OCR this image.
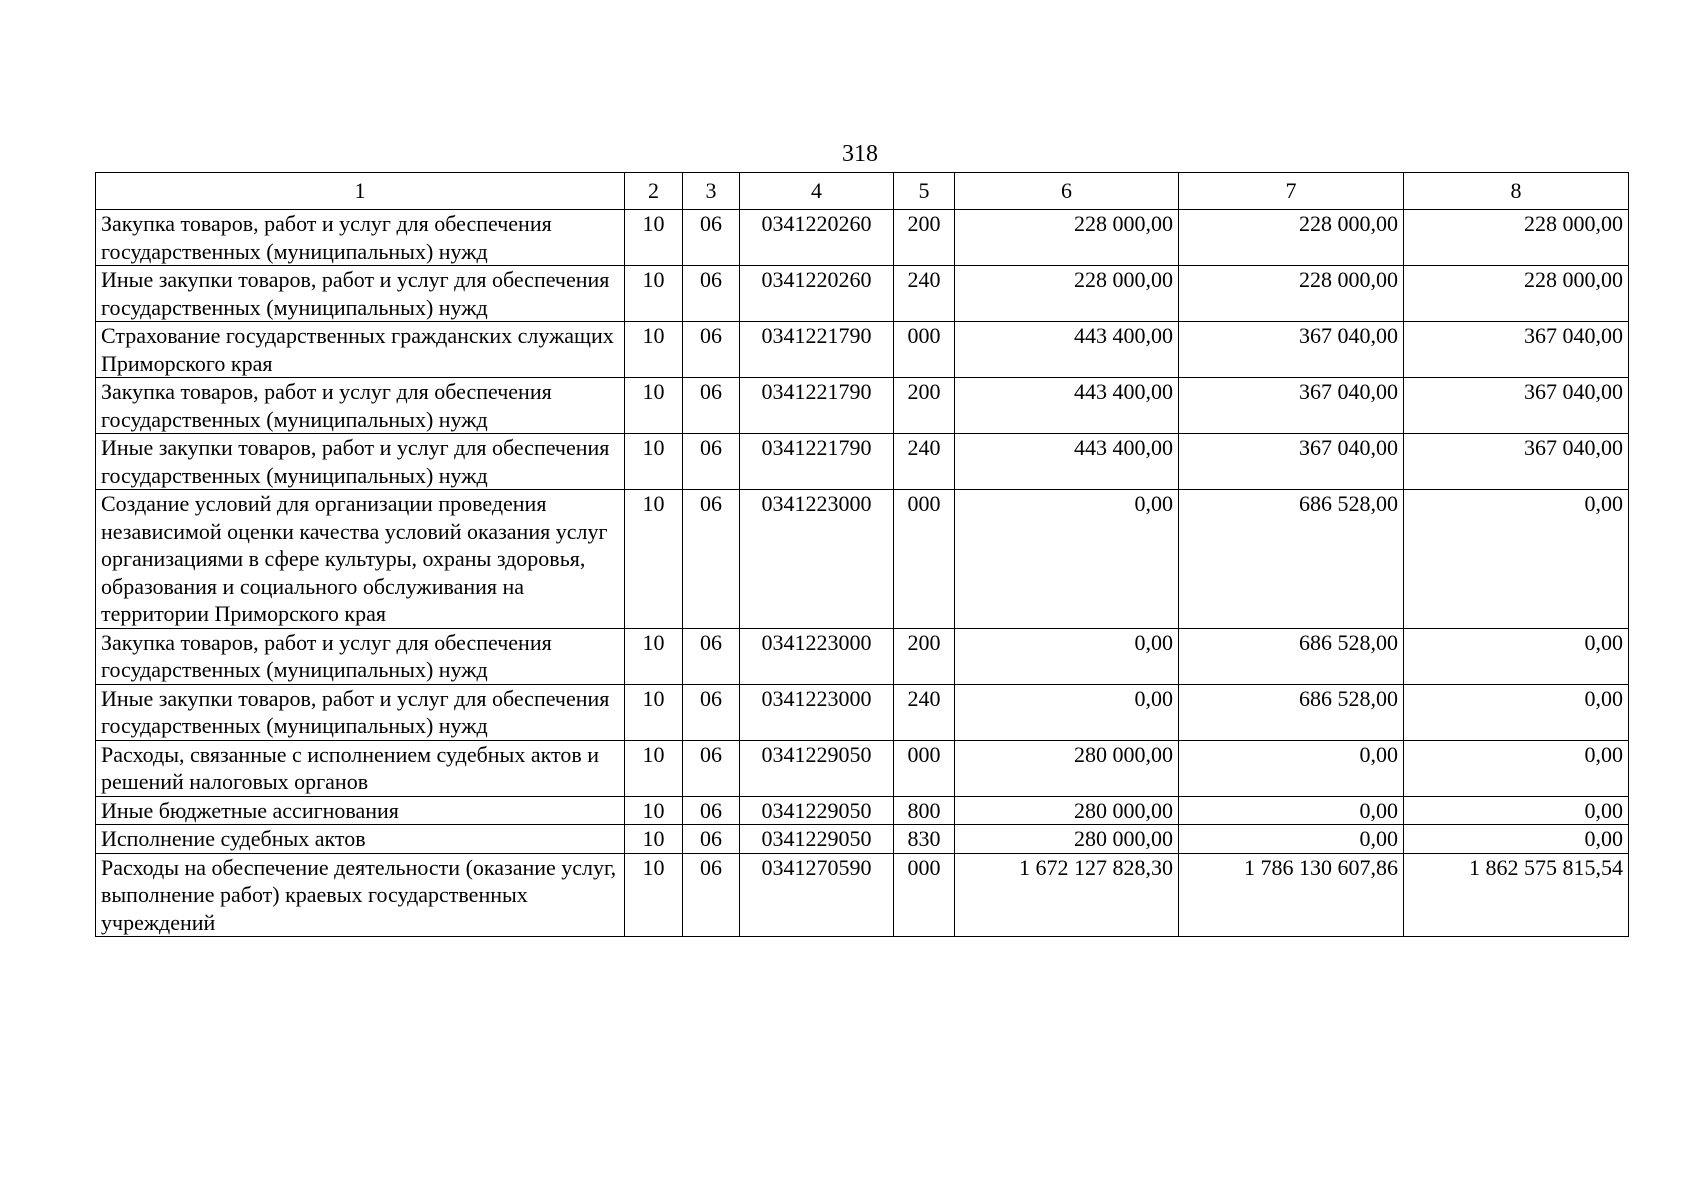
318
1	2	3	4	5	6	7	8
Закупка товаров, работ и услуг для обеспечения государственных (муниципальных) нужд	10	06	0341220260	200	228 000,00	228 000,00	228 000,00
Иные закупки товаров, работ и услуг для обеспечения государственных (муниципальных) нужд	10	06	0341220260	240	228 000,00	228 000,00	228 000,00
Страхование государственных гражданских служащих Приморского края	10	06	0341221790	000	443 400,00	367 040,00	367 040,00
Закупка товаров, работ и услуг для обеспечения государственных (муниципальных) нужд	10	06	0341221790	200	443 400,00	367 040,00	367 040,00
Иные закупки товаров, работ и услуг для обеспечения государственных (муниципальных) нужд	10	06	0341221790	240	443 400,00	367 040,00	367 040,00
Создание условий для организации проведения независимой оценки качества условий оказания услуг организациями в сфере культуры, охраны здоровья, образования и социального обслуживания на территории Приморского края	10	06	0341223000	000	0,00	686 528,00	0,00
Закупка товаров, работ и услуг для обеспечения государственных (муниципальных) нужд	10	06	0341223000	200	0,00	686 528,00	0,00
Иные закупки товаров, работ и услуг для обеспечения государственных (муниципальных) нужд	10	06	0341223000	240	0,00	686 528,00	0,00
Расходы, связанные с исполнением судебных актов и решений налоговых органов	10	06	0341229050	000	280 000,00	0,00	0,00
Иные бюджетные ассигнования	10	06	0341229050	800	280 000,00	0,00	0,00
Исполнение судебных актов	10	06	0341229050	830	280 000,00	0,00	0,00
Расходы на обеспечение деятельности (оказание услуг, выполнение работ) краевых государственных учреждений	10	06	0341270590	000	1 672 127 828,30	1 786 130 607,86	1 862 575 815,54
